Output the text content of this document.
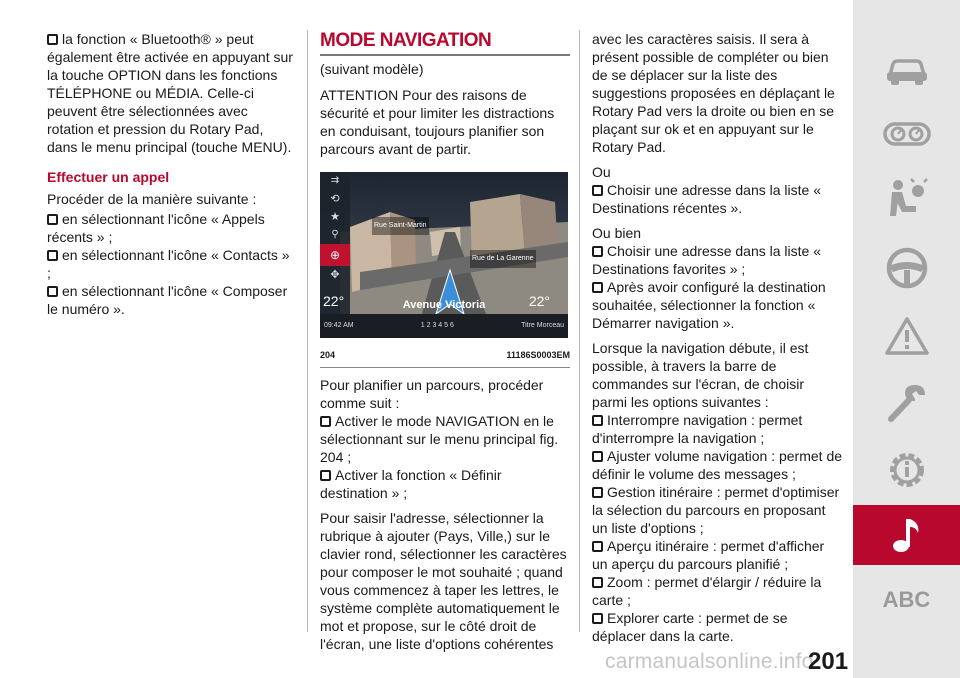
la fonction « Bluetooth® » peut également être activée en appuyant sur la touche OPTION dans les fonctions TÉLÉPHONE ou MÉDIA. Celle-ci peuvent être sélectionnées avec rotation et pression du Rotary Pad, dans le menu principal (touche MENU).

Effectuer un appel

Procéder de la manière suivante :

en sélectionnant l'icône « Appels récents » ;
en sélectionnant l'icône « Contacts » ;
en sélectionnant l'icône « Composer le numéro ».
MODE NAVIGATION

(suivant modèle)

ATTENTION Pour des raisons de sécurité et pour limiter les distractions en conduisant, toujours planifier son parcours avant de partir.

⇉
⟲
★
⚲
⊕
✥
Rue Saint-Martin
Rue de La Garenne
Avenue Victoria
22°	22°
09:42 AM	1 2 3 4 5 6	Titre Morceau
204	11186S0003EM

Pour planifier un parcours, procéder comme suit :

Activer le mode NAVIGATION en le sélectionnant sur le menu principal fig. 204 ;
Activer la fonction « Définir destination » ;

Pour saisir l'adresse, sélectionner la rubrique à ajouter (Pays, Ville,) sur le clavier rond, sélectionner les caractères pour composer le mot souhaité ; quand vous commencez à taper les lettres, le système complète automatiquement le mot et propose, sur le côté droit de l'écran, une liste d'options cohérentes

avec les caractères saisis. Il sera à présent possible de compléter ou bien de se déplacer sur la liste des suggestions proposées en déplaçant le Rotary Pad vers la droite ou bien en se plaçant sur ok et en appuyant sur le Rotary Pad.

Ou

Choisir une adresse dans la liste « Destinations récentes ».

Ou bien

Choisir une adresse dans la liste « Destinations favorites » ;

Après avoir configuré la destination souhaitée, sélectionner la fonction « Démarrer navigation ».

Lorsque la navigation débute, il est possible, à travers la barre de commandes sur l'écran, de choisir parmi les options suivantes :

Interrompre navigation : permet d'interrompre la navigation ;
Ajuster volume navigation : permet de définir le volume des messages ;
Gestion itinéraire : permet d'optimiser la sélection du parcours en proposant un liste d'options ;
Aperçu itinéraire : permet d'afficher un aperçu du parcours planifié ;
Zoom : permet d'élargir / réduire la carte ;
Explorer carte : permet de se déplacer dans la carte.
ABC
carmanualsonline.info
201
